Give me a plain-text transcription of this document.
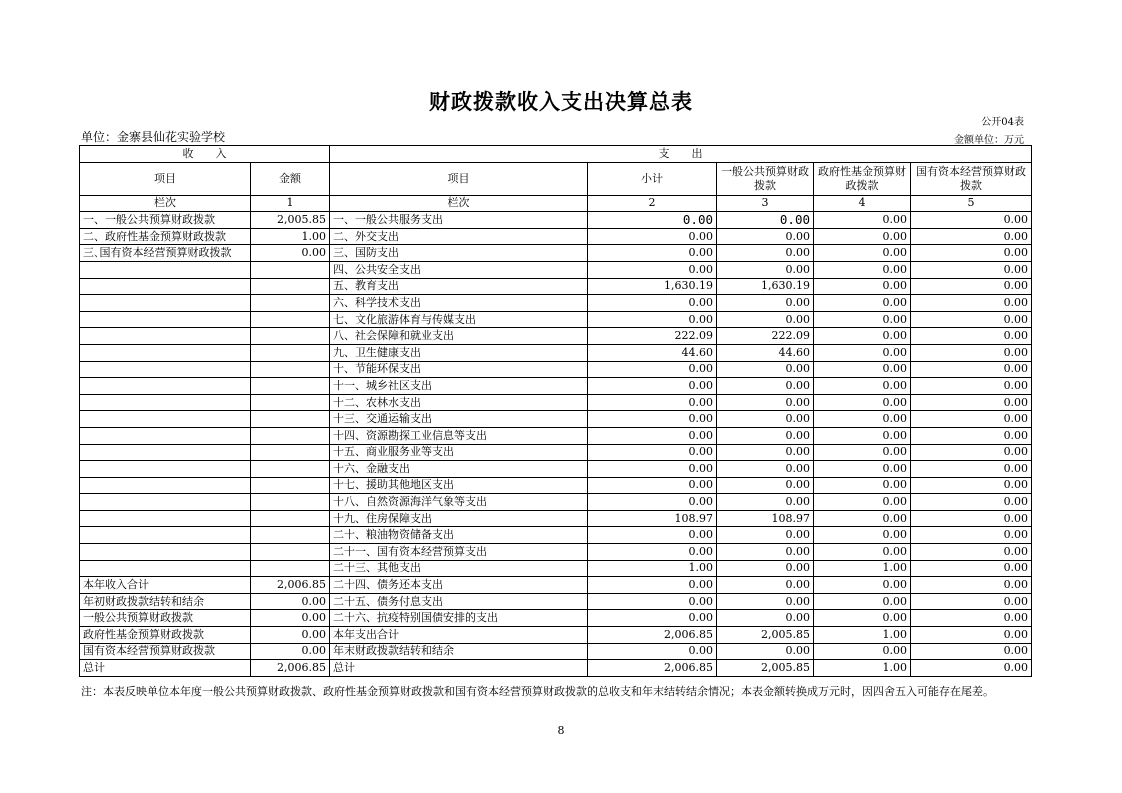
财政拨款收入支出决算总表
公开04表
单位：金寨县仙花实验学校	金额单位：万元
收　　入		支　　出				
项目	金额	项目	小计	一般公共预算财政拨款	政府性基金预算财政拨款	国有资本经营预算财政拨款
栏次	1	栏次	2	3	4	5
一、一般公共预算财政拨款	2,005.85	一、一般公共服务支出	0.00	0.00	0.00	0.00
二、政府性基金预算财政拨款	1.00	二、外交支出	0.00	0.00	0.00	0.00
三､国有资本经营预算财政拨款	0.00	三、国防支出	0.00	0.00	0.00	0.00
		四、公共安全支出	0.00	0.00	0.00	0.00
		五、教育支出	1,630.19	1,630.19	0.00	0.00
		六、科学技术支出	0.00	0.00	0.00	0.00
		七、文化旅游体育与传媒支出	0.00	0.00	0.00	0.00
		八、社会保障和就业支出	222.09	222.09	0.00	0.00
		九、卫生健康支出	44.60	44.60	0.00	0.00
		十、节能环保支出	0.00	0.00	0.00	0.00
		十一、城乡社区支出	0.00	0.00	0.00	0.00
		十二、农林水支出	0.00	0.00	0.00	0.00
		十三、交通运输支出	0.00	0.00	0.00	0.00
		十四、资源勘探工业信息等支出	0.00	0.00	0.00	0.00
		十五、商业服务业等支出	0.00	0.00	0.00	0.00
		十六、金融支出	0.00	0.00	0.00	0.00
		十七、援助其他地区支出	0.00	0.00	0.00	0.00
		十八、自然资源海洋气象等支出	0.00	0.00	0.00	0.00
		十九、住房保障支出	108.97	108.97	0.00	0.00
		二十、粮油物资储备支出	0.00	0.00	0.00	0.00
		二十一、国有资本经营预算支出	0.00	0.00	0.00	0.00
		二十三、其他支出	1.00	0.00	1.00	0.00
本年收入合计	2,006.85	二十四、债务还本支出	0.00	0.00	0.00	0.00
年初财政拨款结转和结余	0.00	二十五、债务付息支出	0.00	0.00	0.00	0.00
一般公共预算财政拨款	0.00	二十六、抗疫特别国债安排的支出	0.00	0.00	0.00	0.00
政府性基金预算财政拨款	0.00	本年支出合计	2,006.85	2,005.85	1.00	0.00
国有资本经营预算财政拨款	0.00	年末财政拨款结转和结余	0.00	0.00	0.00	0.00
总计	2,006.85	总计	2,006.85	2,005.85	1.00	0.00
注：本表反映单位本年度一般公共预算财政拨款、政府性基金预算财政拨款和国有资本经营预算财政拨款的总收支和年末结转结余情况；本表金额转换成万元时，因四舍五入可能存在尾差。
8
